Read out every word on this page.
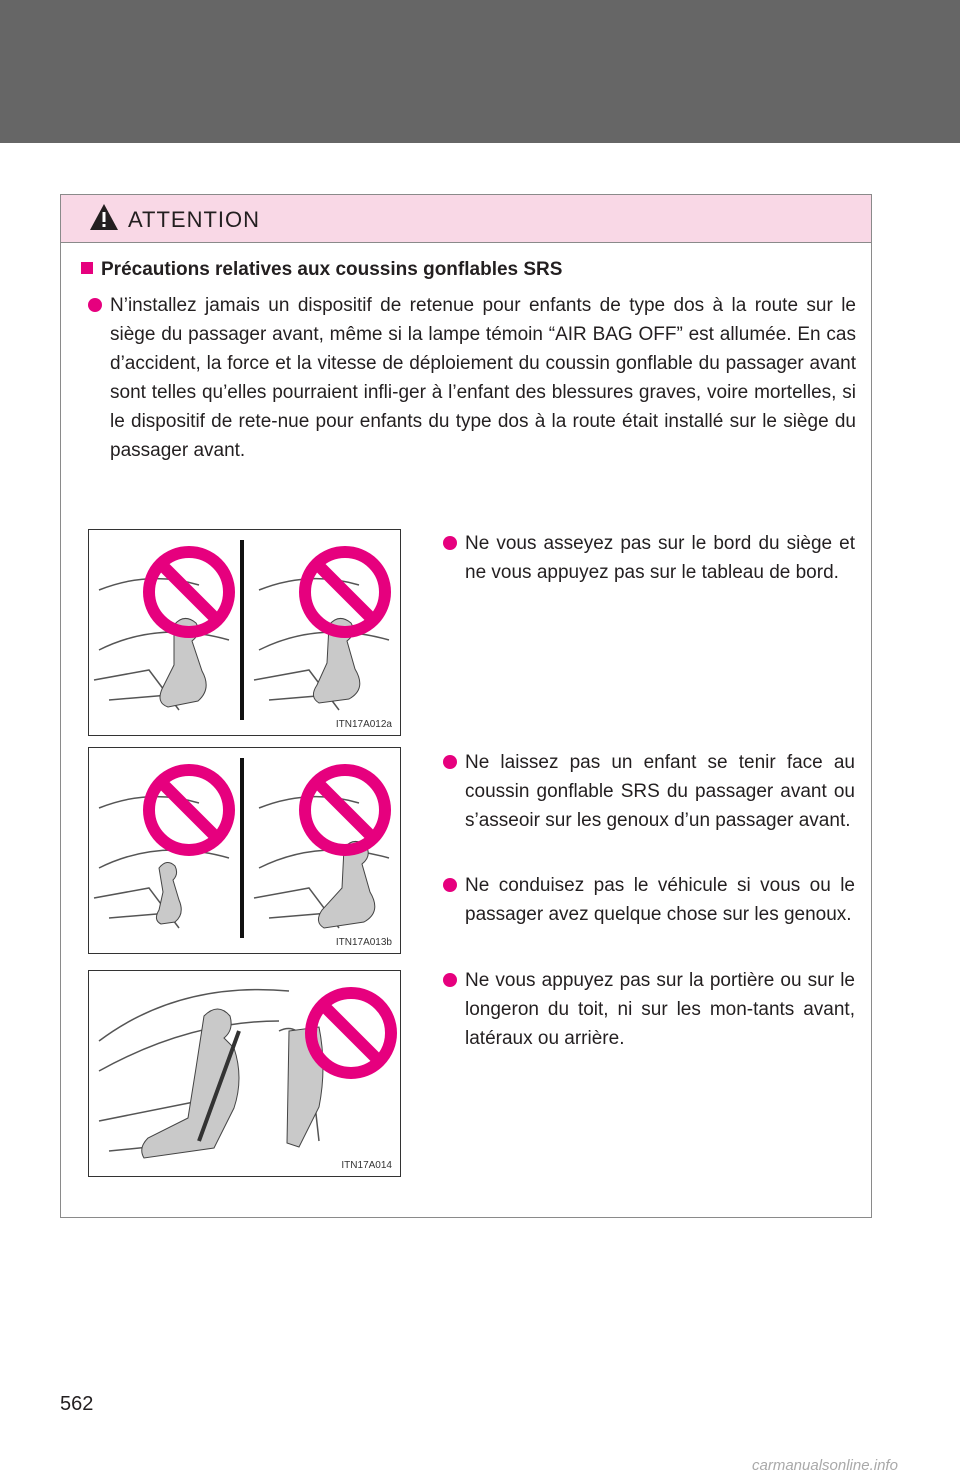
ATTENTION
Précautions relatives aux coussins gonflables SRS
N’installez jamais un dispositif de retenue pour enfants de type dos à la route sur le siège du passager avant, même si la lampe témoin “AIR BAG OFF” est allumée. En cas d’accident, la force et la vitesse de déploiement du coussin gonflable du passager avant sont telles qu’elles pourraient infli-ger à l’enfant des blessures graves, voire mortelles, si le dispositif de rete-nue pour enfants du type dos à la route était installé sur le siège du passager avant.
ITN17A012a
ITN17A013b
ITN17A014
Ne vous asseyez pas sur le bord du siège et ne vous appuyez pas sur le tableau de bord.
Ne laissez pas un enfant se tenir face au coussin gonflable SRS du passager avant ou s’asseoir sur les genoux d’un passager avant.
Ne conduisez pas le véhicule si vous ou le passager avez quelque chose sur les genoux.
Ne vous appuyez pas sur la portière ou sur le longeron du toit, ni sur les mon-tants avant, latéraux ou arrière.
562
carmanualsonline.info
